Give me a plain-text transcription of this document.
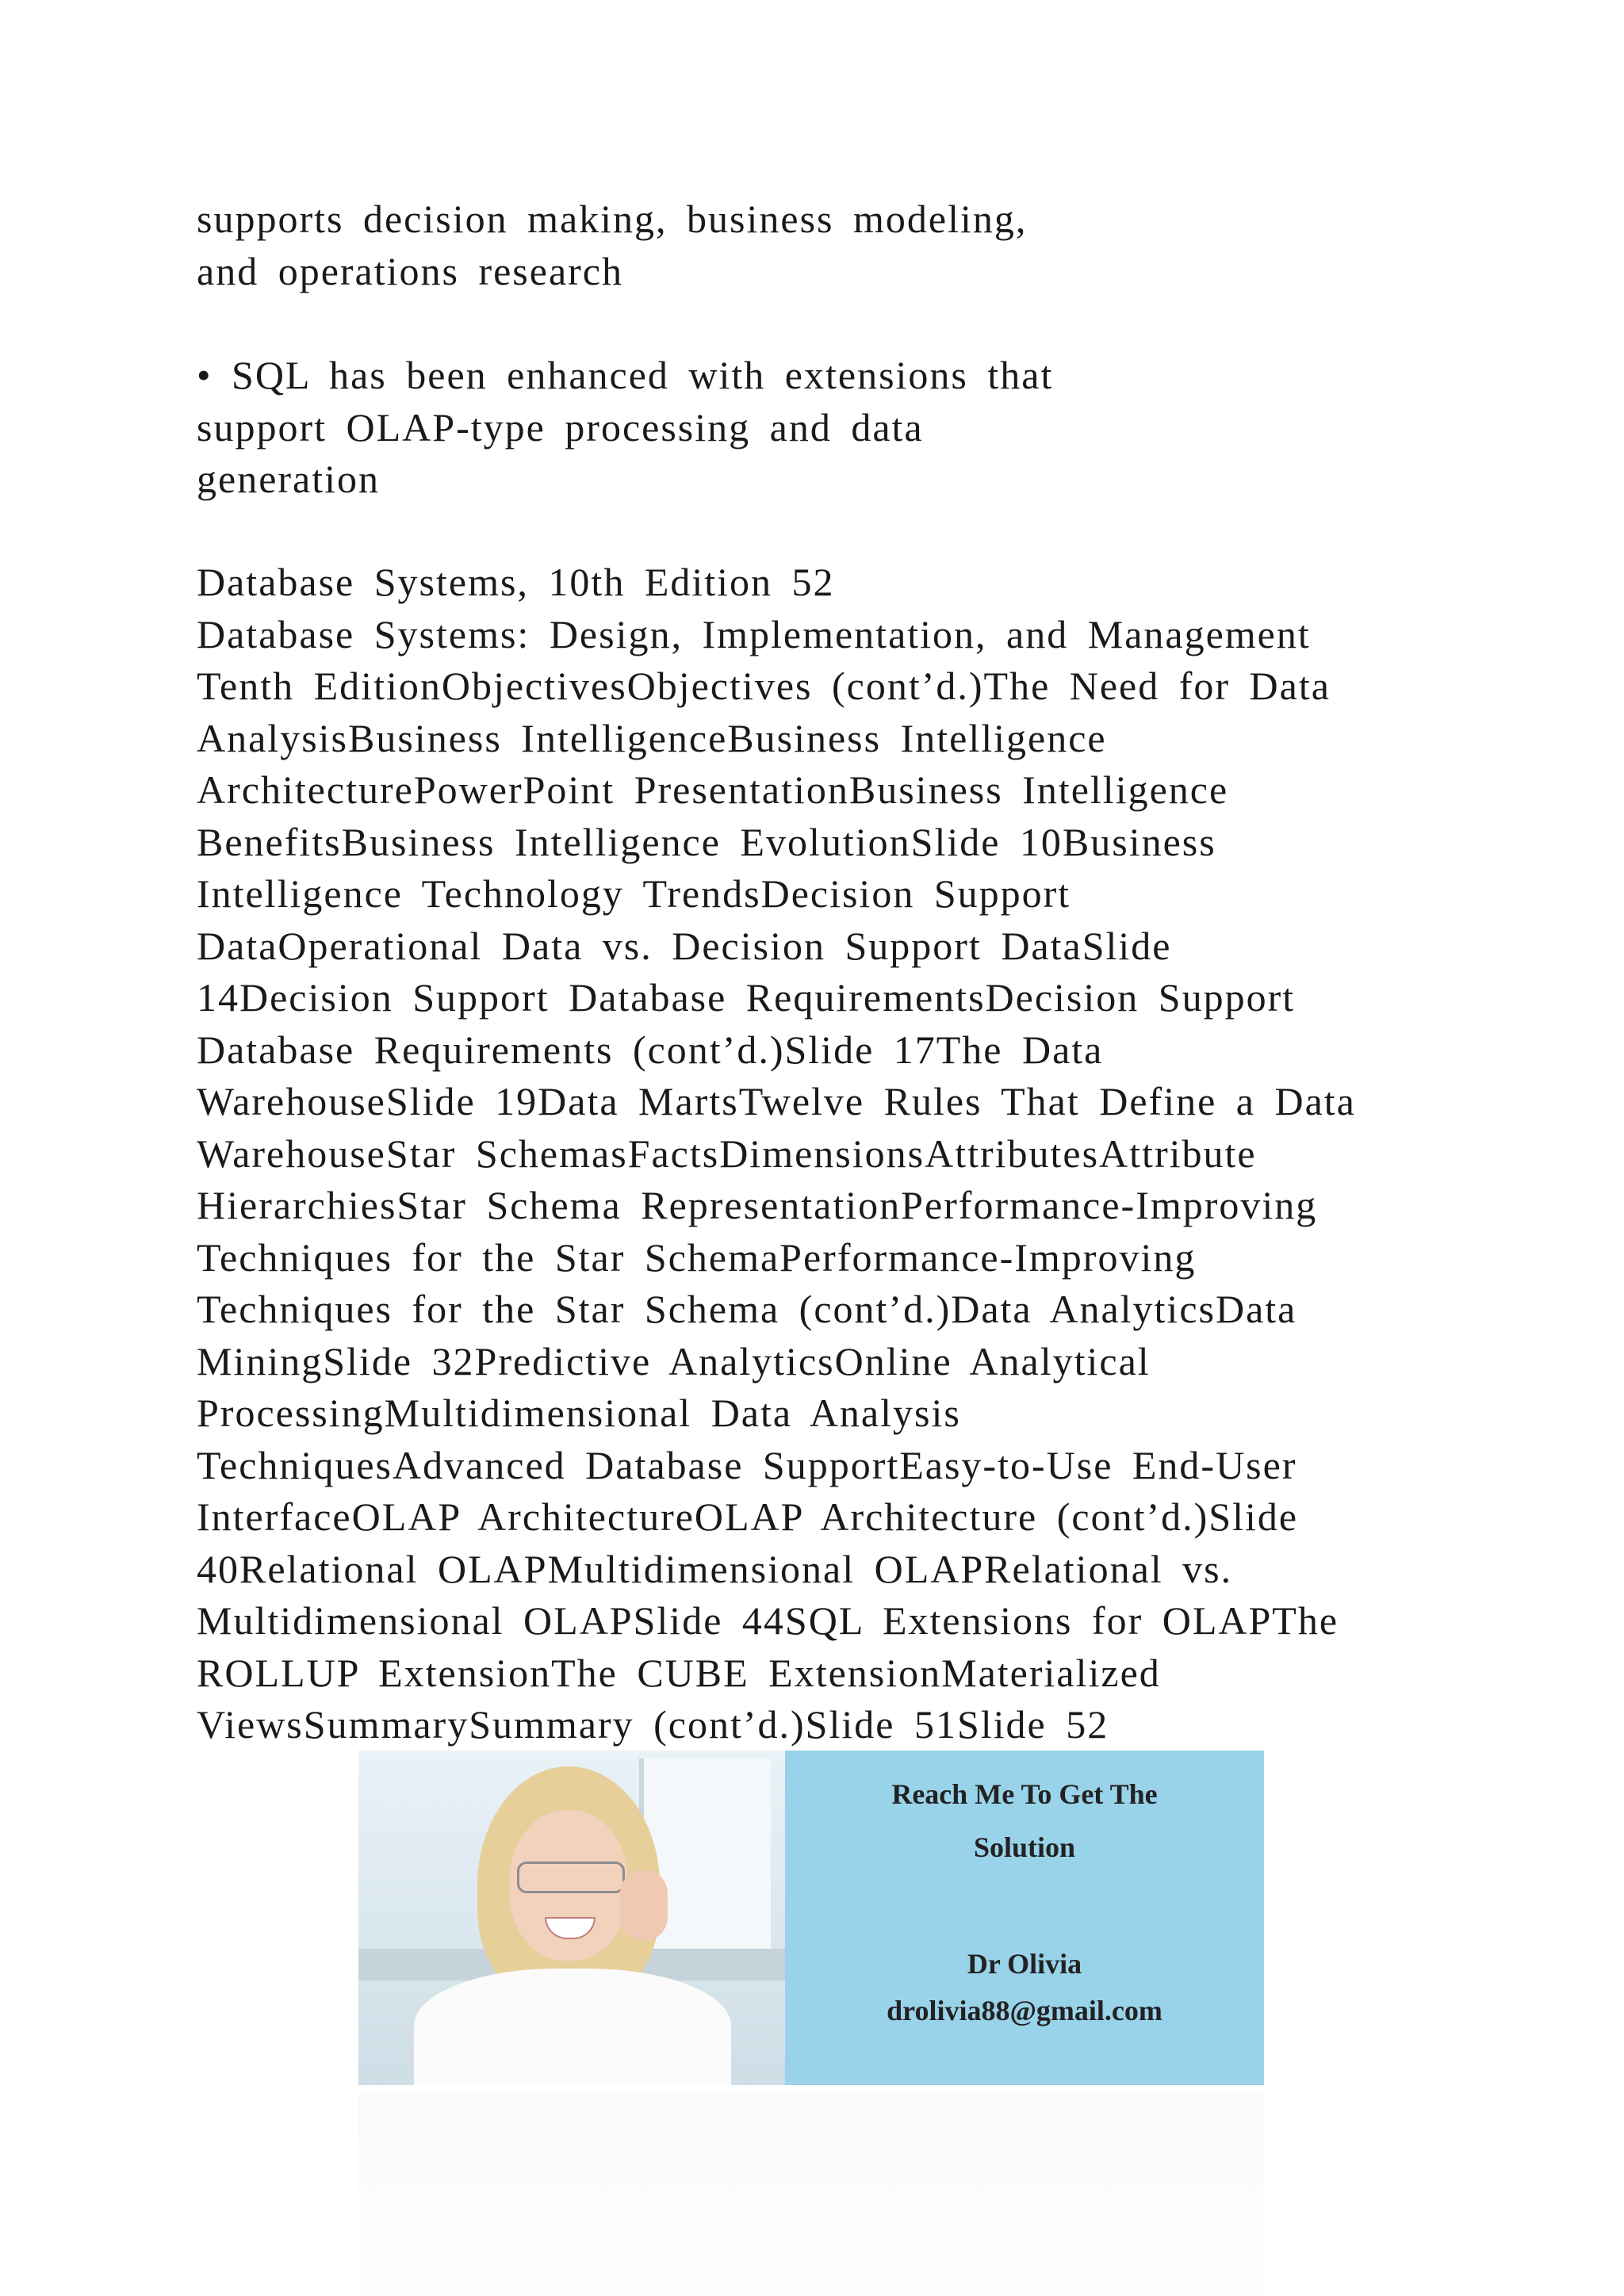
supports decision making, business modeling,
and operations research
• SQL has been enhanced with extensions that
support OLAP-type processing and data
generation
Database Systems, 10th Edition 52
Database Systems: Design, Implementation, and Management
Tenth EditionObjectivesObjectives (cont’d.)The Need for Data
AnalysisBusiness IntelligenceBusiness Intelligence
ArchitecturePowerPoint PresentationBusiness Intelligence
BenefitsBusiness Intelligence EvolutionSlide 10Business
Intelligence Technology TrendsDecision Support
DataOperational Data vs. Decision Support DataSlide
14Decision Support Database RequirementsDecision Support
Database Requirements (cont’d.)Slide 17The Data
WarehouseSlide 19Data MartsTwelve Rules That Define a Data
WarehouseStar SchemasFactsDimensionsAttributesAttribute
HierarchiesStar Schema RepresentationPerformance-Improving
Techniques for the Star SchemaPerformance-Improving
Techniques for the Star Schema (cont’d.)Data AnalyticsData
MiningSlide 32Predictive AnalyticsOnline Analytical
ProcessingMultidimensional Data Analysis
TechniquesAdvanced Database SupportEasy-to-Use End-User
InterfaceOLAP ArchitectureOLAP Architecture (cont’d.)Slide
40Relational OLAPMultidimensional OLAPRelational vs.
Multidimensional OLAPSlide 44SQL Extensions for OLAPThe
ROLLUP ExtensionThe CUBE ExtensionMaterialized
ViewsSummarySummary (cont’d.)Slide 51Slide 52
Reach Me To Get The
Solution
Dr Olivia
drolivia88@gmail.com
